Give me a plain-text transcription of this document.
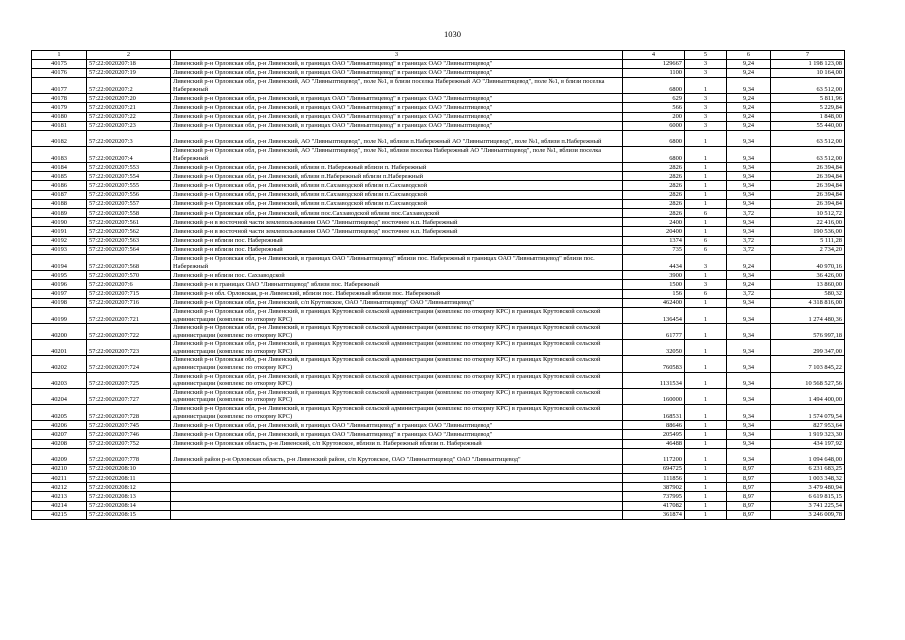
1030
1	2	3	4	5	6	7
40175	57:22:0020207:18	Ливенский р-н Орловская обл, р-н Ливенский, в границах ОАО "Ливныптицевод" в границах ОАО "Ливныптицевод"	129667	3	9,24	1 198 123,08
40176	57:22:0020207:19	Ливенский р-н Орловская обл, р-н Ливенский, в границах ОАО "Ливныптицевод" в границах ОАО "Ливныптицевод"	1100	3	9,24	10 164,00
40177	57:22:0020207:2	Ливенский р-н Орловская обл, р-н Ливенский, АО "Ливныптицевод", поле №1, в близи поселка Набережный АО "Ливныптицевод", поле №1, в близи поселка Набережный	6800	1	9,34	63 512,00
40178	57:22:0020207:20	Ливенский р-н Орловская обл, р-н Ливенский, в границах ОАО "Ливныптицевод" в границах ОАО "Ливныптицевод"	629	3	9,24	5 811,96
40179	57:22:0020207:21	Ливенский р-н Орловская обл, р-н Ливенский, в границах ОАО "Ливныптицевод" в границах ОАО "Ливныптицевод"	566	3	9,24	5 229,84
40180	57:22:0020207:22	Ливенский р-н Орловская обл, р-н Ливенский, в границах ОАО "Ливныптицевод" в границах ОАО "Ливныптицевод"	200	3	9,24	1 848,00
40181	57:22:0020207:23	Ливенский р-н Орловская обл, р-н Ливенский, в границах ОАО "Ливныптицевод" в границах ОАО "Ливныптицевод"	6000	3	9,24	55 440,00
40182	57:22:0020207:3	Ливенский р-н Орловская обл, р-н Ливенский, АО "Ливныптицевод", поле №1, вблизи п.Набережный АО "Ливныптицевод", поле №1, вблизи п.Набережный	6800	1	9,34	63 512,00
40183	57:22:0020207:4	Ливенский р-н Орловская обл, р-н Ливенский, АО "Ливныптицевод", поле №1, вблизи поселка Набережный АО "Ливныптицевод", поле №1, вблизи поселка Набережный	6800	1	9,34	63 512,00
40184	57:22:0020207:553	Ливенский р-н Орловская обл, р-н Ливенский, вблизи п. Набережный вблизи п. Набережный	2826	1	9,34	26 394,84
40185	57:22:0020207:554	Ливенский р-н Орловская обл, р-н Ливенский, вблизи п.Набережный вблизи п.Набережный	2826	1	9,34	26 394,84
40186	57:22:0020207:555	Ливенский р-н Орловская обл, р-н Ливенский, вблизи п.Сахзаводской вблизи п.Сахзаводской	2826	1	9,34	26 394,84
40187	57:22:0020207:556	Ливенский р-н Орловская обл, р-н Ливенский, вблизи п.Сахзаводской вблизи п.Сахзаводской	2826	1	9,34	26 394,84
40188	57:22:0020207:557	Ливенский р-н Орловская обл, р-н Ливенский, вблизи п.Сахзаводской вблизи п.Сахзаводской	2826	1	9,34	26 394,84
40189	57:22:0020207:558	Ливенский р-н Орловская обл, р-н Ливенский, вблизи пос.Сахзаводской вблизи пос.Сахзаводской	2826	6	3,72	10 512,72
40190	57:22:0020207:561	Ливенский р-н в восточной части землепользования ОАО "Ливныптицевод" восточнее н.п. Набережный	2400	1	9,34	22 416,00
40191	57:22:0020207:562	Ливенский р-н в восточной части землепользования ОАО "Ливныптицевод" восточнее н.п. Набережный	20400	1	9,34	190 536,00
40192	57:22:0020207:563	Ливенский р-н вблизи пос. Набережный	1374	6	3,72	5 111,28
40193	57:22:0020207:564	Ливенский р-н вблизи пос. Набережный	735	6	3,72	2 734,20
40194	57:22:0020207:568	Ливенский р-н Орловская обл, р-н Ливенский, в границах ОАО "Ливныптицевод" вблизи пос. Набережный в границах ОАО "Ливныптицевод" вблизи пос. Набережный	4434	3	9,24	40 970,16
40195	57:22:0020207:570	Ливенский р-н вблизи пос. Сахзаводской	3900	1	9,34	36 426,00
40196	57:22:0020207:6	Ливенский р-н в границах ОАО "Ливныптицевод" вблизи пос. Набережный	1500	3	9,24	13 860,00
40197	57:22:0020207:715	Ливенский р-н обл. Орловская, р-н Ливенский, вблизи пос. Набережный вблизи пос. Набережный	156	6	3,72	580,32
40198	57:22:0020207:716	Ливенский р-н Орловская обл, р-н Ливенский, с/п Крутовское, ОАО "Ливныптицевод" ОАО "Ливныптицевод"	462400	1	9,34	4 318 816,00
40199	57:22:0020207:721	Ливенский р-н Орловская обл, р-н Ливенский, в границах Крутовской сельской администрации (комплекс по откорму КРС) в границах Крутовской сельской администрации (комплекс по откорму КРС)	136454	1	9,34	1 274 480,36
40200	57:22:0020207:722	Ливенский р-н Орловская обл, р-н Ливенский, в границах Крутовской сельской администрации (комплекс по откорму КРС) в границах Крутовской сельской администрации (комплекс по откорму КРС)	61777	1	9,34	576 997,18
40201	57:22:0020207:723	Ливенский р-н Орловская обл, р-н Ливенский, в границах Крутовской сельской администрации (комплекс по откорму КРС) в границах Крутовской сельской администрации (комплекс по откорму КРС)	32050	1	9,34	299 347,00
40202	57:22:0020207:724	Ливенский р-н Орловская обл, р-н Ливенский, в границах Крутовской сельской администрации (комплекс по откорму КРС) в границах Крутовской сельской администрации (комплекс по откорму КРС)	760583	1	9,34	7 103 845,22
40203	57:22:0020207:725	Ливенский р-н Орловская обл, р-н Ливенский, в границах Крутовской сельской администрации (комплекс по откорму КРС) в границах Крутовской сельской администрации (комплекс по откорму КРС)	1131534	1	9,34	10 568 527,56
40204	57:22:0020207:727	Ливенский р-н Орловская обл, р-н Ливенский, в границах Крутовской сельской администрации (комплекс по откорму КРС) в границах Крутовской сельской администрации (комплекс по откорму КРС)	160000	1	9,34	1 494 400,00
40205	57:22:0020207:728	Ливенский р-н Орловская обл, р-н Ливенский, в границах Крутовской сельской администрации (комплекс по откорму КРС) в границах Крутовской сельской администрации (комплекс по откорму КРС)	168531	1	9,34	1 574 079,54
40206	57:22:0020207:745	Ливенский р-н Орловская обл, р-н Ливенский, в границах ОАО "Ливныптицевод" в границах ОАО "Ливныптицевод"	88646	1	9,34	827 953,64
40207	57:22:0020207:746	Ливенский р-н Орловская обл, р-н Ливенский, в границах ОАО "Ливныптицевод" в границах ОАО "Ливныптицевод"	205495	1	9,34	1 919 323,30
40208	57:22:0020207:752	Ливенский р-н Орловская область, р-н Ливенский, с/п Крутовское, вблизи п. Набережный вблизи п. Набережный	46488	1	9,34	434 197,92
40209	57:22:0020207:778	Ливенский район р-н Орловская область, р-н Ливенский район, с/п Крутовское, ОАО "Ливныптицевод" ОАО "Ливныптицевод"	117200	1	9,34	1 094 648,00
40210	57:22:0020208:10		694725	1	8,97	6 231 683,25
40211	57:22:0020208:11		111856	1	8,97	1 003 348,32
40212	57:22:0020208:12		387902	1	8,97	3 479 480,94
40213	57:22:0020208:13		737995	1	8,97	6 619 815,15
40214	57:22:0020208:14		417082	1	8,97	3 741 225,54
40215	57:22:0020208:15		361874	1	8,97	3 246 009,78
